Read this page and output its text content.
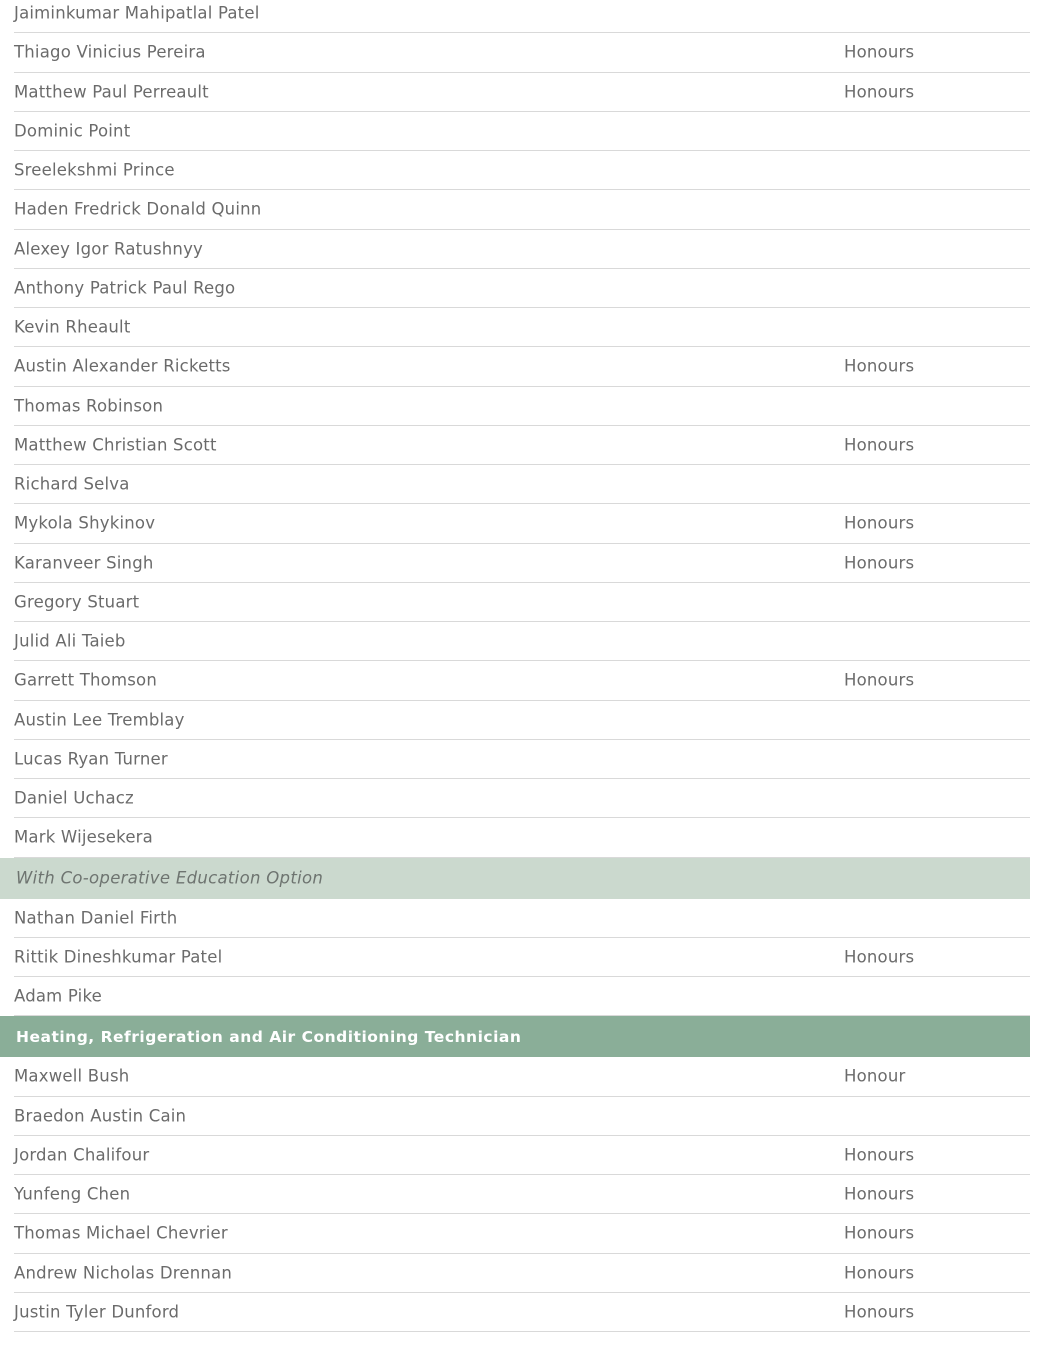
Jaiminkumar Mahipatlal Patel
Thiago Vinicius Pereira	Honours
Matthew Paul Perreault	Honours
Dominic Point
Sreelekshmi Prince
Haden Fredrick Donald Quinn
Alexey Igor Ratushnyy
Anthony Patrick Paul Rego
Kevin Rheault
Austin Alexander Ricketts	Honours
Thomas Robinson
Matthew Christian Scott	Honours
Richard Selva
Mykola Shykinov	Honours
Karanveer Singh	Honours
Gregory Stuart
Julid Ali Taieb
Garrett Thomson	Honours
Austin Lee Tremblay
Lucas Ryan Turner
Daniel Uchacz
Mark Wijesekera
With Co-operative Education Option
Nathan Daniel Firth
Rittik Dineshkumar Patel	Honours
Adam Pike
Heating, Refrigeration and Air Conditioning Technician
Maxwell Bush	Honour
Braedon Austin Cain
Jordan Chalifour	Honours
Yunfeng Chen	Honours
Thomas Michael Chevrier	Honours
Andrew Nicholas Drennan	Honours
Justin Tyler Dunford	Honours
